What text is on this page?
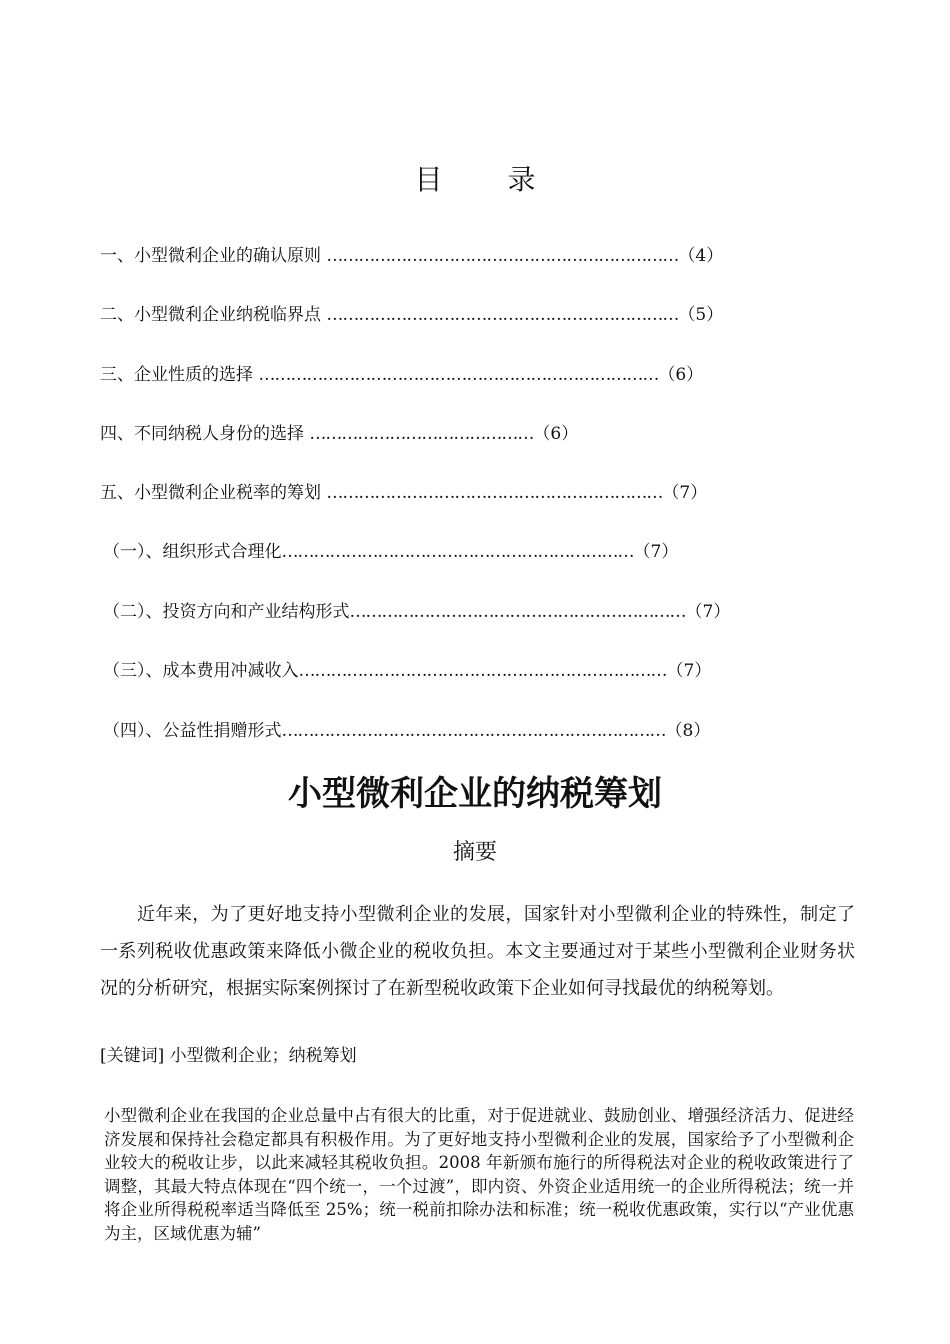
目 录
一、小型微利企业的确认原则 …………………………………………………………（4）
二、小型微利企业纳税临界点 …………………………………………………………（5）
三、企业性质的选择 …………………………………………………………………（6）
四、不同纳税人身份的选择 ……………………………………（6）
五、小型微利企业税率的筹划 ………………………………………………………（7）
（一）、组织形式合理化…………………………………………………………（7）
（二）、投资方向和产业结构形式………………………………………………………（7）
（三）、成本费用冲减收入……………………………………………………………（7）
（四）、公益性捐赠形式………………………………………………………………（8）
小型微利企业的纳税筹划
摘要
近年来，为了更好地支持小型微利企业的发展，国家针对小型微利企业的特殊性，制定了一系列税收优惠政策来降低小微企业的税收负担。本文主要通过对于某些小型微利企业财务状况的分析研究，根据实际案例探讨了在新型税收政策下企业如何寻找最优的纳税筹划。
[关键词] 小型微利企业；纳税筹划
小型微利企业在我国的企业总量中占有很大的比重，对于促进就业、鼓励创业、增强经济活力、促进经济发展和保持社会稳定都具有积极作用。为了更好地支持小型微利企业的发展，国家给予了小型微利企业较大的税收让步，以此来减轻其税收负担。2008 年新颁布施行的所得税法对企业的税收政策进行了调整，其最大特点体现在“四个统一，一个过渡”，即内资、外资企业适用统一的企业所得税法；统一并将企业所得税税率适当降低至 25%；统一税前扣除办法和标准；统一税收优惠政策，实行以“产业优惠为主，区域优惠为辅”
